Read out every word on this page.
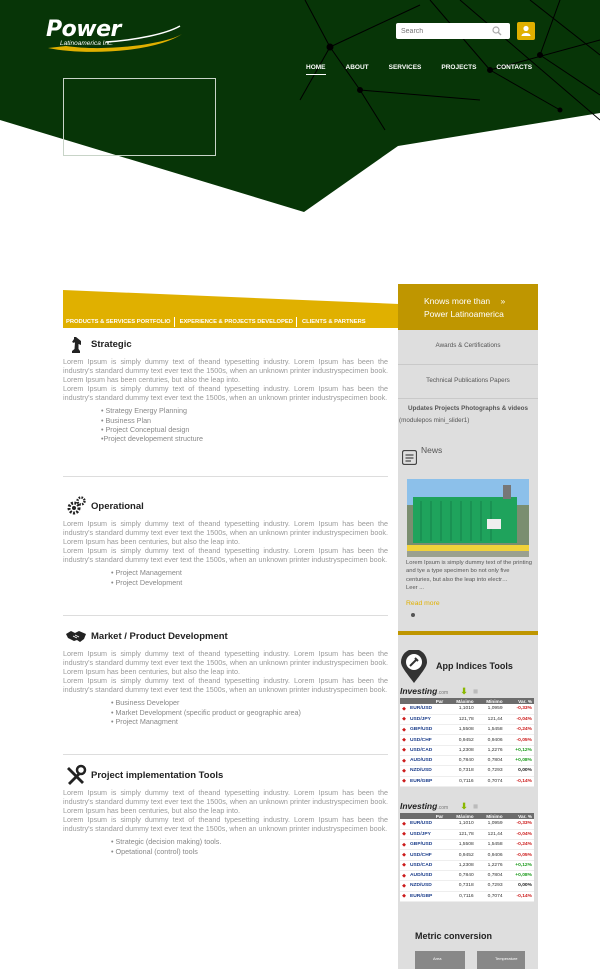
Power
Latinoamerica Inc.
Search
HOME	ABOUT	SERVICES	PROJECTS	CONTACTS
PRODUCTS & SERVICES PORTFOLIO	EXPERIENCE & PROJECTS DEVELOPED	CLIENTS & PARTNERS
Strategic

Lorem Ipsum is simply dummy text of theand typesetting industry. Lorem Ipsum has been the industry's standard dummy text ever text the 1500s, when an unknown printer industryspecimen book. Lorem Ipsum has been centuries, but also the leap into.

Lorem Ipsum is simply dummy text of theand typesetting industry. Lorem Ipsum has been the industry's standard dummy text ever text the 1500s, when an unknown printer industryspecimen book.

• Strategy Energy Planning
• Business Plan
• Project Conceptual design
•Project developement structure
Operational

Lorem Ipsum is simply dummy text of theand typesetting industry. Lorem Ipsum has been the industry's standard dummy text ever text the 1500s, when an unknown printer industryspecimen book. Lorem Ipsum has been centuries, but also the leap into.

Lorem Ipsum is simply dummy text of theand typesetting industry. Lorem Ipsum has been the industry's standard dummy text ever text the 1500s, when an unknown printer industryspecimen book.

• Project Management
• Project Development
Market / Product Development

Lorem Ipsum is simply dummy text of theand typesetting industry. Lorem Ipsum has been the industry's standard dummy text ever text the 1500s, when an unknown printer industryspecimen book. Lorem Ipsum has been centuries, but also the leap into.

Lorem Ipsum is simply dummy text of theand typesetting industry. Lorem Ipsum has been the industry's standard dummy text ever text the 1500s, when an unknown printer industryspecimen book.

• Business Developer
• Market Development (specific product or geographic area)
• Project Managment
Project implementation Tools

Lorem Ipsum is simply dummy text of theand typesetting industry. Lorem Ipsum has been the industry's standard dummy text ever text the 1500s, when an unknown printer industryspecimen book. Lorem Ipsum has been centuries, but also the leap into.

Lorem Ipsum is simply dummy text of theand typesetting industry. Lorem Ipsum has been the industry's standard dummy text ever text the 1500s, when an unknown printer industryspecimen book.

• Strategic (decision making) tools.
• Opetational (control) tools
Knows more than »
Power Latinoamerica
Awards & Certifications
Technical Publications Papers
Updates Projects Photographs & videos
(modulepos mini_slider1)
News
Lorem Ipsum is simply dummy text of the printing and tye a type specimen bo not only five centuries, but also the leap into electr…
Leer ...
Read more
App Indices Tools
Investing.com ⬇ ■
Par		Máximo	Mínimo	Var. %
◆	EUR/USD	1,1010	1,0959	-0,33%
◆	USD/JPY	121,78	121,44	-0,04%
◆	GBP/USD	1,5508	1,5458	-0,24%
◆	USD/CHF	0,9452	0,9406	-0,05%
◆	USD/CAD	1,2308	1,2276	+0,12%
◆	AUD/USD	0,7840	0,7804	+0,08%
◆	NZD/USD	0,7318	0,7293	0,00%
◆	EUR/GBP	0,7116	0,7074	-0,14%
Investing.com ⬇ ■
Par		Máximo	Mínimo	Var. %
◆	EUR/USD	1,1010	1,0959	-0,33%
◆	USD/JPY	121,78	121,44	-0,04%
◆	GBP/USD	1,5508	1,5458	-0,24%
◆	USD/CHF	0,9452	0,9406	-0,05%
◆	USD/CAD	1,2308	1,2276	+0,12%
◆	AUD/USD	0,7840	0,7804	+0,08%
◆	NZD/USD	0,7318	0,7293	0,00%
◆	EUR/GBP	0,7116	0,7074	-0,14%
Metric conversion
Area	Temperature
